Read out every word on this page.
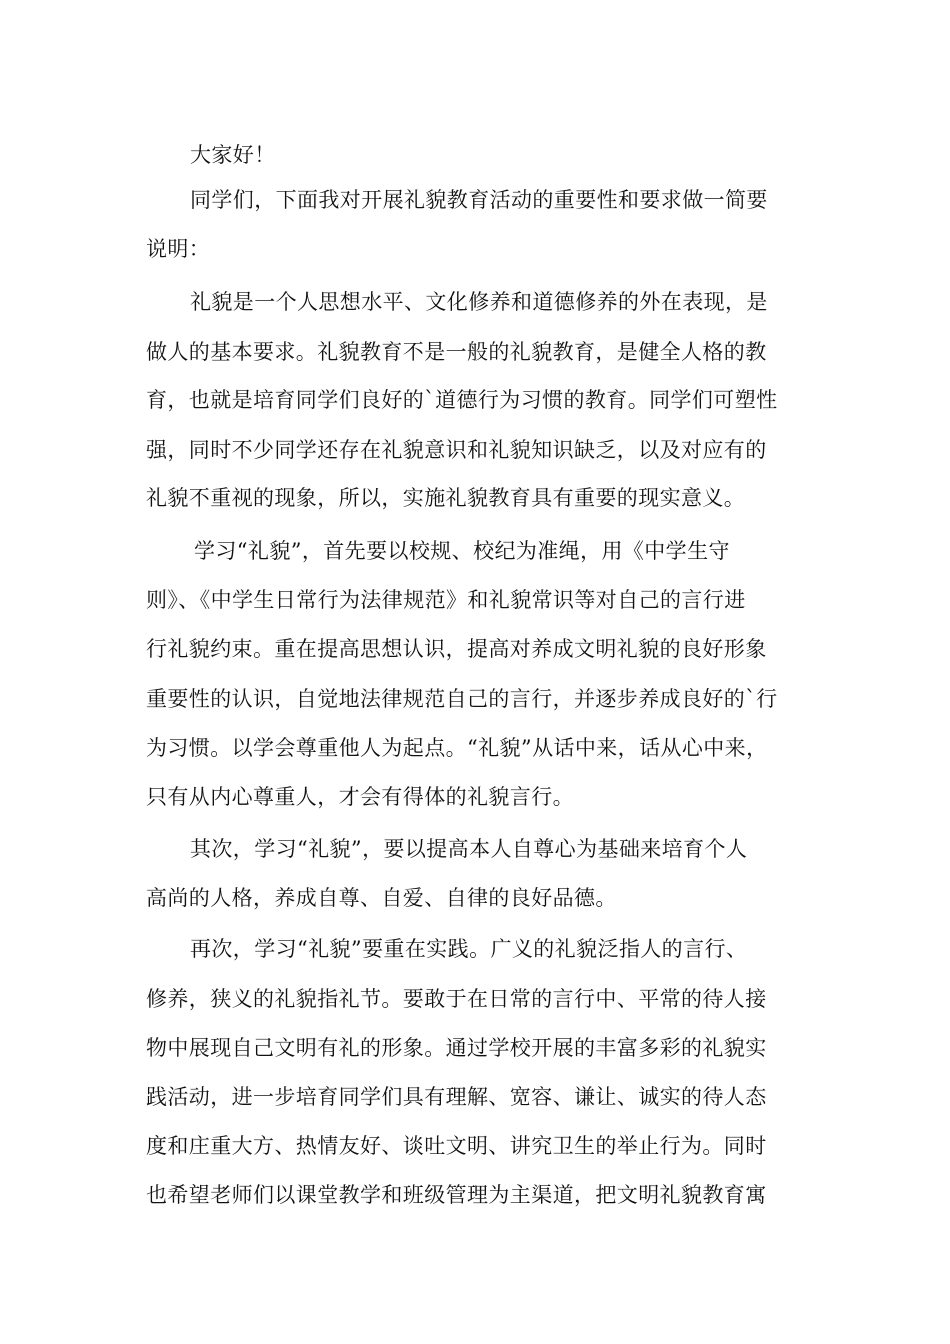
大家好！
同学们，下面我对开展礼貌教育活动的重要性和要求做一简要
说明：
礼貌是一个人思想水平、文化修养和道德修养的外在表现，是
做人的基本要求。礼貌教育不是一般的礼貌教育，是健全人格的教
育，也就是培育同学们良好的`道德行为习惯的教育。同学们可塑性
强，同时不少同学还存在礼貌意识和礼貌知识缺乏，以及对应有的
礼貌不重视的现象，所以，实施礼貌教育具有重要的现实意义。
学习“礼貌”，首先要以校规、校纪为准绳，用《中学生守
则》、《中学生日常行为法律规范》和礼貌常识等对自己的言行进
行礼貌约束。重在提高思想认识，提高对养成文明礼貌的良好形象
重要性的认识，自觉地法律规范自己的言行，并逐步养成良好的`行
为习惯。以学会尊重他人为起点。“礼貌”从话中来，话从心中来，
只有从内心尊重人，才会有得体的礼貌言行。
其次，学习“礼貌”，要以提高本人自尊心为基础来培育个人
高尚的人格，养成自尊、自爱、自律的良好品德。
再次，学习“礼貌”要重在实践。广义的礼貌泛指人的言行、
修养，狭义的礼貌指礼节。要敢于在日常的言行中、平常的待人接
物中展现自己文明有礼的形象。通过学校开展的丰富多彩的礼貌实
践活动，进一步培育同学们具有理解、宽容、谦让、诚实的待人态
度和庄重大方、热情友好、谈吐文明、讲究卫生的举止行为。同时
也希望老师们以课堂教学和班级管理为主渠道，把文明礼貌教育寓
